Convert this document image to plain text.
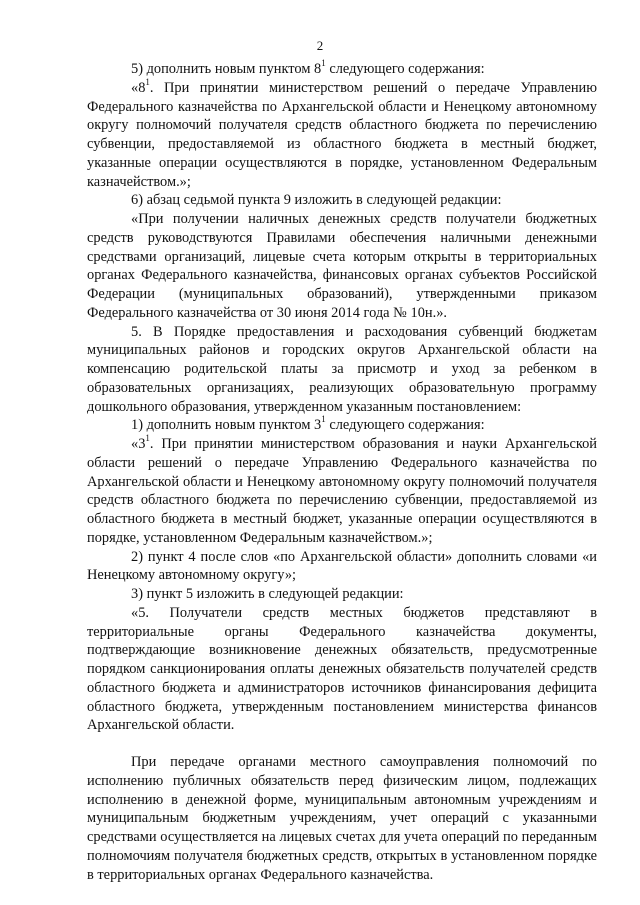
2

5) дополнить новым пунктом $8^1$ следующего содержания:

«$8^1$. При принятии министерством решений о передаче Управлению Федерального казначейства по Архангельской области и Ненецкому автономному округу полномочий получателя средств областного бюджета по перечислению субвенции, предоставляемой из областного бюджета в местный бюджет, указанные операции осуществляются в порядке, установленном Федеральным казначейством.»;

6) абзац седьмой пункта 9 изложить в следующей редакции:

«При получении наличных денежных средств получатели бюджетных средств руководствуются Правилами обеспечения наличными денежными средствами организаций, лицевые счета которым открыты в территориальных органах Федерального казначейства, финансовых органах субъектов Российской Федерации (муниципальных образований), утвержденными приказом Федерального казначейства от 30 июня 2014 года № 10н.».

5. В Порядке предоставления и расходования субвенций бюджетам муниципальных районов и городских округов Архангельской области на компенсацию родительской платы за присмотр и уход за ребенком в образовательных организациях, реализующих образовательную программу дошкольного образования, утвержденном указанным постановлением:

1) дополнить новым пунктом $3^1$ следующего содержания:

«$3^1$. При принятии министерством образования и науки Архангельской области решений о передаче Управлению Федерального казначейства по Архангельской области и Ненецкому автономному округу полномочий получателя средств областного бюджета по перечислению субвенции, предоставляемой из областного бюджета в местный бюджет, указанные операции осуществляются в порядке, установленном Федеральным казначейством.»;

2) пункт 4 после слов «по Архангельской области» дополнить словами «и Ненецкому автономному округу»;

3) пункт 5 изложить в следующей редакции:

«5. Получатели средств местных бюджетов представляют в территориальные органы Федерального казначейства документы, подтверждающие возникновение денежных обязательств, предусмотренные порядком санкционирования оплаты денежных обязательств получателей средств областного бюджета и администраторов источников финансирования дефицита областного бюджета, утвержденным постановлением министерства финансов Архангельской области.

При передаче органами местного самоуправления полномочий по исполнению публичных обязательств перед физическим лицом, подлежащих исполнению в денежной форме, муниципальным автономным учреждениям и муниципальным бюджетным учреждениям, учет операций с указанными средствами осуществляется на лицевых счетах для учета операций по переданным полномочиям получателя бюджетных средств, открытых в установленном порядке в территориальных органах Федерального казначейства.
